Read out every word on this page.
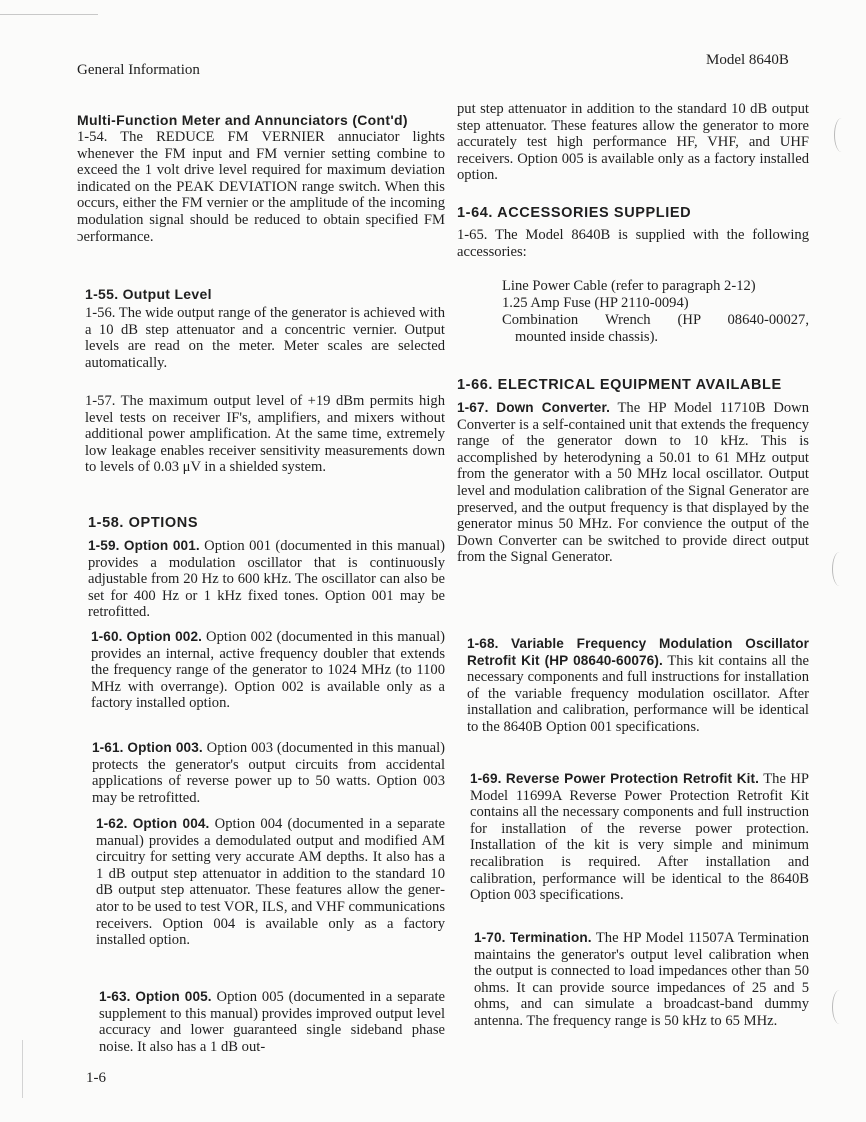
General Information
Model 8640B
Multi-Function Meter and Annunciators (Cont'd)

1-54. The REDUCE FM VERNIER annuciator lights whenever the FM input and FM vernier setting combine to exceed the 1 volt drive level required for maximum deviation indicated on the PEAK DEVIATION range switch. When this occurs, either the FM vernier or the amplitude of the incoming modulation signal should be reduced to obtain specified FM ɔerformance.

1-55. Output Level

1-56. The wide output range of the generator is achieved with a 10 dB step attenuator and a concentric vernier. Output levels are read on the meter. Meter scales are selected automatically.

1-57. The maximum output level of +19 dBm permits high level tests on receiver IF's, amplifiers, and mixers without additional power amplification. At the same time, extremely low leakage enables receiver sensitivity measurements down to levels of 0.03 μV in a shielded system.

1-58. OPTIONS

1-59. Option 001. Option 001 (documented in this manual) provides a modulation oscillator that is continuously adjustable from 20 Hz to 600 kHz. The oscillator can also be set for 400 Hz or 1 kHz fixed tones. Option 001 may be retrofitted.

1-60. Option 002. Option 002 (documented in this manual) provides an internal, active frequency doubler that extends the frequency range of the generator to 1024 MHz (to 1100 MHz with overrange). Option 002 is available only as a factory installed option.

1-61. Option 003. Option 003 (documented in this manual) protects the generator's output circuits from accidental applications of reverse power up to 50 watts. Option 003 may be retrofitted.

1-62. Option 004. Option 004 (documented in a separate manual) provides a demodulated output and modified AM circuitry for setting very accurate AM depths. It also has a 1 dB output step attenuator in addition to the standard 10 dB output step attenuator. These features allow the generator to be used to test VOR, ILS, and VHF communications receivers. Option 004 is available only as a factory installed option.

1-63. Option 005. Option 005 (documented in a separate supplement to this manual) provides improved output level accuracy and lower guaranteed single sideband phase noise. It also has a 1 dB out-

put step attenuator in addition to the standard 10 dB output step attenuator. These features allow the generator to more accurately test high performance HF, VHF, and UHF receivers. Option 005 is available only as a factory installed option.

1-64. ACCESSORIES SUPPLIED

1-65. The Model 8640B is supplied with the following accessories:

Line Power Cable (refer to paragraph 2-12)
1.25 Amp Fuse (HP 2110-0094)
Combination Wrench (HP 08640-00027,
mounted inside chassis).
1-66. ELECTRICAL EQUIPMENT AVAILABLE

1-67. Down Converter. The HP Model 11710B Down Converter is a self-contained unit that extends the frequency range of the generator down to 10 kHz. This is accomplished by heterodyning a 50.01 to 61 MHz output from the generator with a 50 MHz local oscillator. Output level and modulation calibration of the Signal Generator are preserved, and the output frequency is that displayed by the generator minus 50 MHz. For convience the output of the Down Converter can be switched to provide direct output from the Signal Generator.

1-68. Variable Frequency Modulation Oscillator Retrofit Kit (HP 08640-60076). This kit contains all the necessary components and full instructions for installation of the variable frequency modulation oscillator. After installation and calibration, performance will be identical to the 8640B Option 001 specifications.

1-69. Reverse Power Protection Retrofit Kit. The HP Model 11699A Reverse Power Protection Retrofit Kit contains all the necessary components and full instruction for installation of the reverse power protection. Installation of the kit is very simple and minimum recalibration is required. After installation and calibration, performance will be identical to the 8640B Option 003 specifications.

1-70. Termination. The HP Model 11507A Termination maintains the generator's output level calibration when the output is connected to load impedances other than 50 ohms. It can provide source impedances of 25 and 5 ohms, and can simulate a broadcast-band dummy antenna. The frequency range is 50 kHz to 65 MHz.

1-6
